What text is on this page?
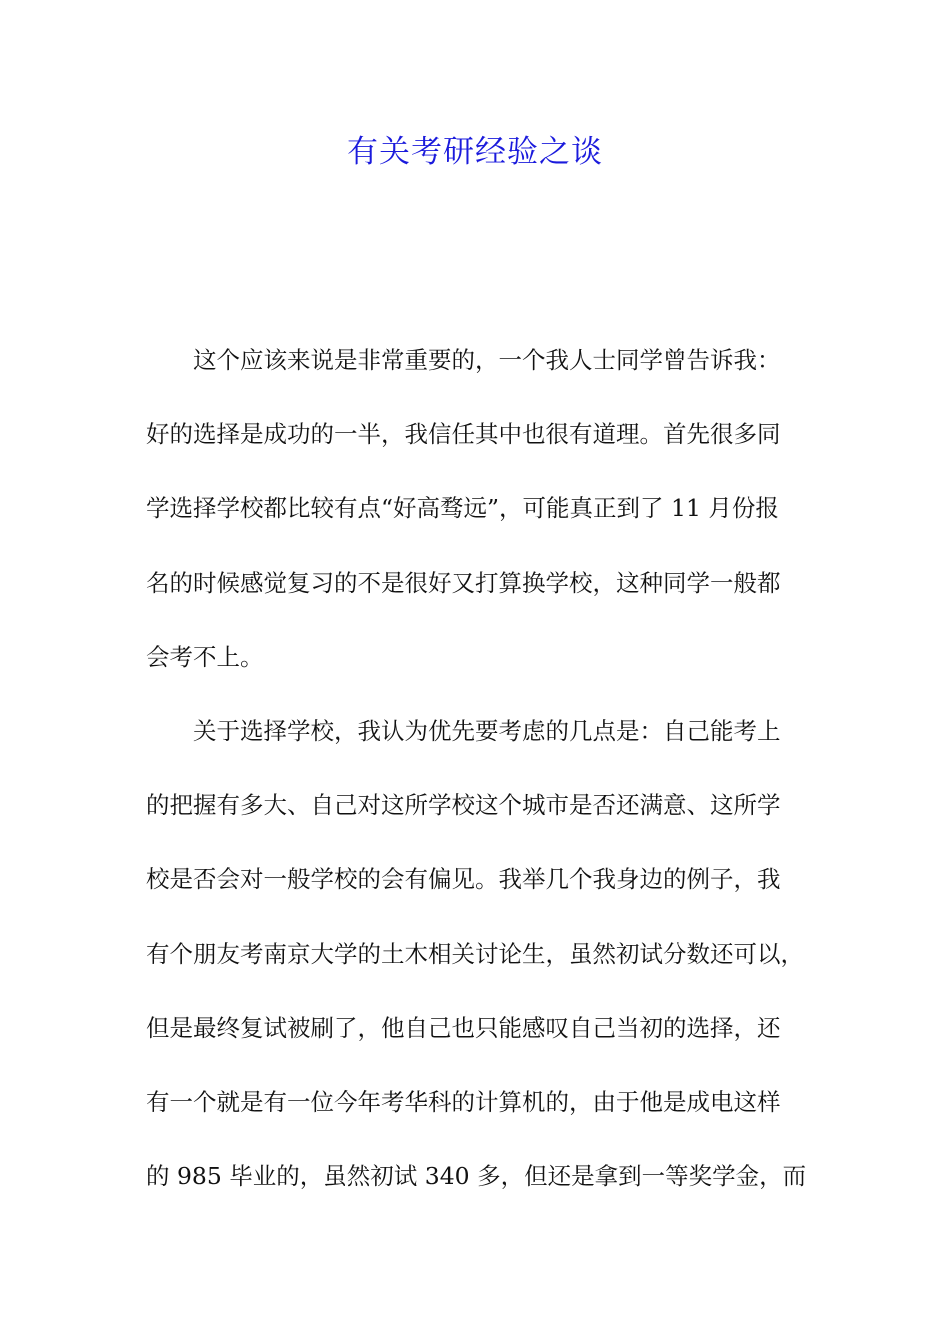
有关考研经验之谈
这个应该来说是非常重要的，一个我人士同学曾告诉我：
好的选择是成功的一半，我信任其中也很有道理。首先很多同
学选择学校都比较有点“好高骛远”，可能真正到了 11 月份报
名的时候感觉复习的不是很好又打算换学校，这种同学一般都
会考不上。
关于选择学校，我认为优先要考虑的几点是：自己能考上
的把握有多大、自己对这所学校这个城市是否还满意、这所学
校是否会对一般学校的会有偏见。我举几个我身边的例子，我
有个朋友考南京大学的土木相关讨论生，虽然初试分数还可以，
但是最终复试被刷了，他自己也只能感叹自己当初的选择，还
有一个就是有一位今年考华科的计算机的，由于他是成电这样
的 985 毕业的，虽然初试 340 多，但还是拿到一等奖学金，而
